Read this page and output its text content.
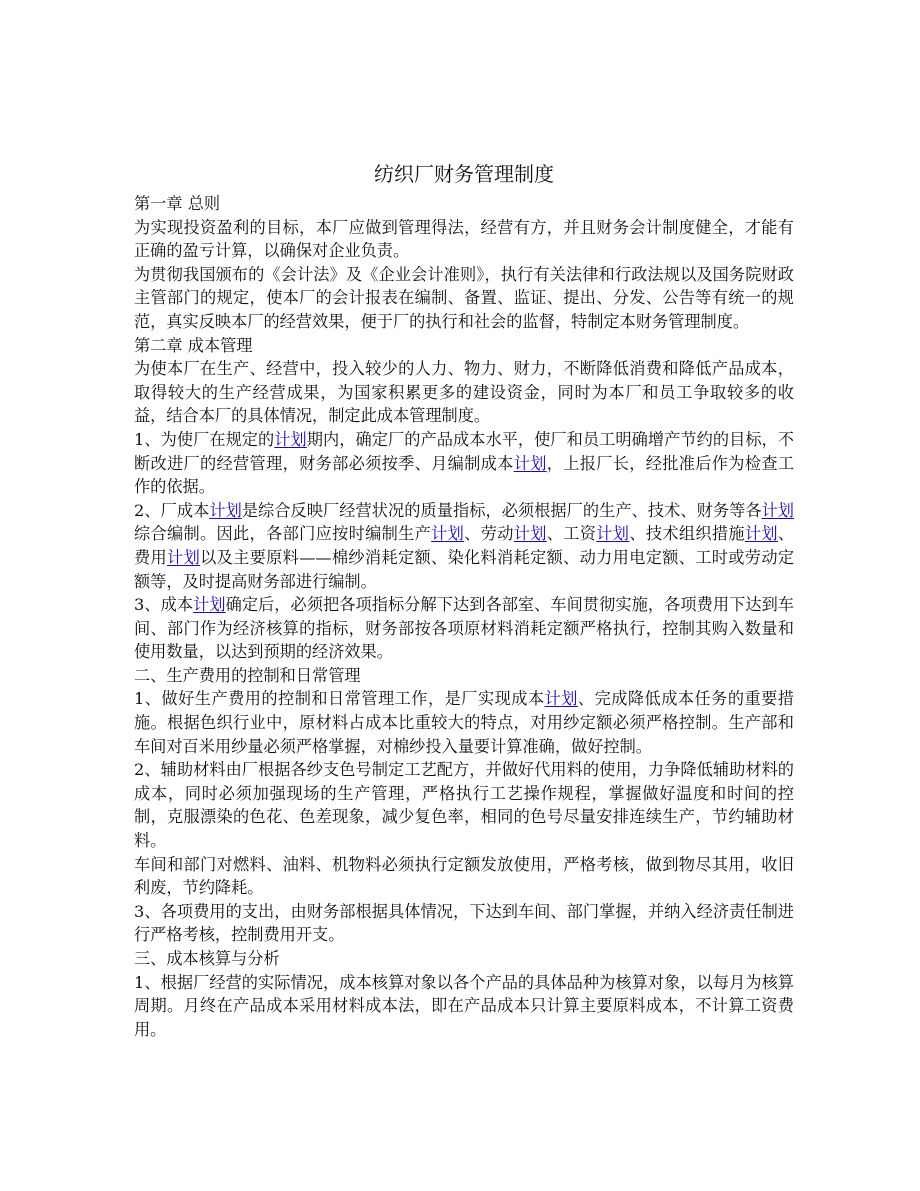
纺织厂财务管理制度

第一章 总则

为实现投资盈利的目标，本厂应做到管理得法，经营有方，并且财务会计制度健全，才能有正确的盈亏计算，以确保对企业负责。

为贯彻我国颁布的《会计法》及《企业会计准则》，执行有关法律和行政法规以及国务院财政主管部门的规定，使本厂的会计报表在编制、备置、监证、提出、分发、公告等有统一的规范，真实反映本厂的经营效果，便于厂的执行和社会的监督，特制定本财务管理制度。

第二章 成本管理

为使本厂在生产、经营中，投入较少的人力、物力、财力，不断降低消费和降低产品成本，取得较大的生产经营成果，为国家积累更多的建设资金，同时为本厂和员工争取较多的收益，结合本厂的具体情况，制定此成本管理制度。

1、为使厂在规定的计划期内，确定厂的产品成本水平，使厂和员工明确增产节约的目标，不断改进厂的经营管理，财务部必须按季、月编制成本计划，上报厂长，经批准后作为检查工作的依据。

2、厂成本计划是综合反映厂经营状况的质量指标，必须根据厂的生产、技术、财务等各计划综合编制。因此，各部门应按时编制生产计划、劳动计划、工资计划、技术组织措施计划、费用计划以及主要原料——棉纱消耗定额、染化料消耗定额、动力用电定额、工时或劳动定额等，及时提高财务部进行编制。

3、成本计划确定后，必须把各项指标分解下达到各部室、车间贯彻实施，各项费用下达到车间、部门作为经济核算的指标，财务部按各项原材料消耗定额严格执行，控制其购入数量和使用数量，以达到预期的经济效果。

二、生产费用的控制和日常管理

1、做好生产费用的控制和日常管理工作，是厂实现成本计划、完成降低成本任务的重要措施。根据色织行业中，原材料占成本比重较大的特点，对用纱定额必须严格控制。生产部和车间对百米用纱量必须严格掌握，对棉纱投入量要计算准确，做好控制。

2、辅助材料由厂根据各纱支色号制定工艺配方，并做好代用料的使用，力争降低辅助材料的成本，同时必须加强现场的生产管理，严格执行工艺操作规程，掌握做好温度和时间的控制，克服漂染的色花、色差现象，减少复色率，相同的色号尽量安排连续生产，节约辅助材料。

车间和部门对燃料、油料、机物料必须执行定额发放使用，严格考核，做到物尽其用，收旧利废，节约降耗。

3、各项费用的支出，由财务部根据具体情况，下达到车间、部门掌握，并纳入经济责任制进行严格考核，控制费用开支。

三、成本核算与分析

1、根据厂经营的实际情况，成本核算对象以各个产品的具体品种为核算对象，以每月为核算周期。月终在产品成本采用材料成本法，即在产品成本只计算主要原料成本，不计算工资费用。
